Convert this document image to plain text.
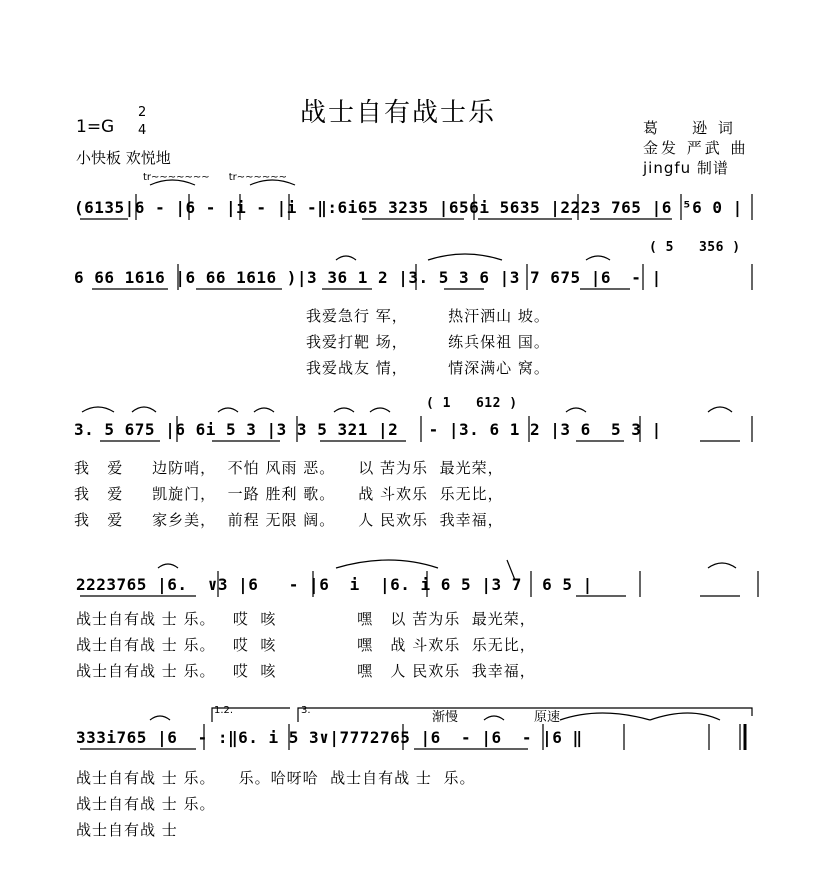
战士自有战士乐
1=G
2
4
小快板 欢悦地
葛    逊 词
金发 严武 曲
jingfu 制谱
tr~~~~~~~      tr~~~~~~
(6135|6 - |6 - |i - |i -‖:6i65 3235 |656i 5635 |2223 765 |6 ⁵6 0 |
( 5   356 )
6 66 1616 |6 66 1616 )|3 36 1 2 |3. 5 3 6 |3 7 675 |6  - |
我爱急行 军，       热汗洒山 坡。
我爱打靶 场，       练兵保祖 国。
我爱战友 情，       情深满心 窝。
( 1   612 )
3. 5 675 |6 6i 5 3 |3 3 5 321 |2   - |3. 6 1 2 |3 6  5 3 |
我   爱     边防哨，  不怕 风雨 恶。    以 苦为乐  最光荣，
我   爱     凯旋门，  一路 胜利 歌。    战 斗欢乐  乐无比，
我   爱     家乡美，  前程 无限 阔。    人 民欢乐  我幸福，
2223765 |6.  ∨3 |6   - |6  i  |6. i 6 5 |3 7  6 5 |
战士自有战 士 乐。   哎  咳              嘿   以 苦为乐  最光荣，
战士自有战 士 乐。   哎  咳              嘿   战 斗欢乐  乐无比，
战士自有战 士 乐。   哎  咳              嘿   人 民欢乐  我幸福，
1.2.	3.	渐慢	原速
333i765 |6  - :‖6. i 5 3∨|7772765 |6  - |6  - |6 ‖
战士自有战 士 乐。    乐。哈呀哈  战士自有战 士  乐。
战士自有战 士 乐。
战士自有战 士
